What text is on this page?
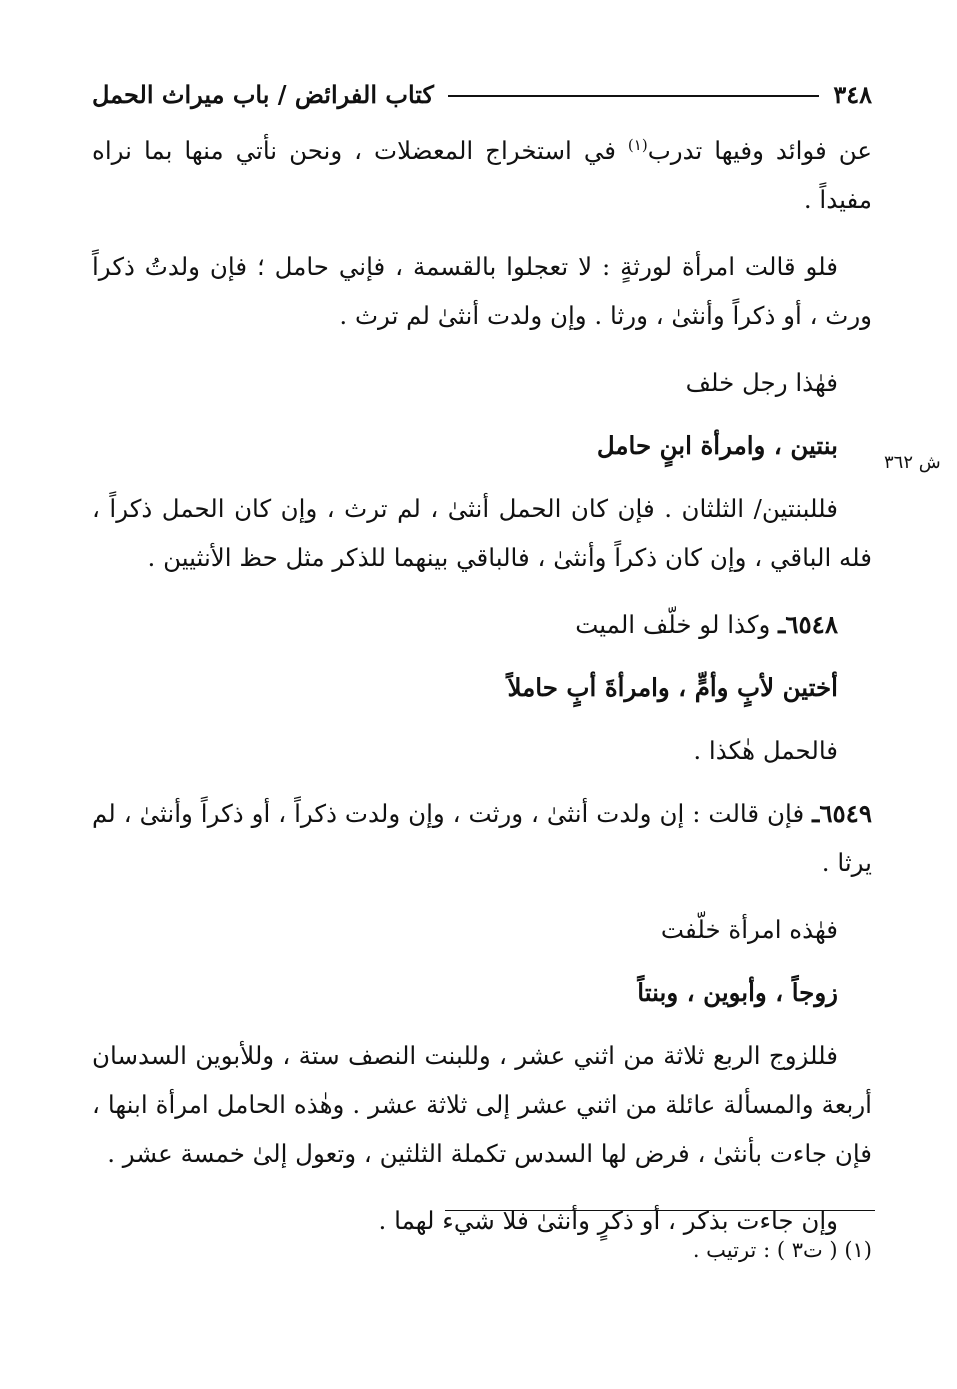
٣٤٨
كتاب الفرائض / باب ميراث الحمل
ش ٣٦٢

عن فوائد وفيها تدرب$^{(١)}$ في استخراج المعضلات ، ونحن نأتي منها بما نراه مفيداً .

فلو قالت امرأة لورثةٍ : لا تعجلوا بالقسمة ، فإني حامل ؛ فإن ولدتُ ذكراً ورث ، أو ذكراً وأنثىٰ ، ورثا . وإن ولدت أنثىٰ لم ترث .

فهٰذا رجل خلف

بنتين ، وامرأة ابنٍ حامل

فللبنتين/ الثلثان . فإن كان الحمل أنثىٰ ، لم ترث ، وإن كان الحمل ذكراً ، فله الباقي ، وإن كان ذكراً وأنثىٰ ، فالباقي بينهما للذكر مثل حظ الأنثيين .

٦٥٤٨ـ وكذا لو خلّف الميت

أختين لأبٍ وأمٍّ ، وامرأةَ أبٍ حاملاً

فالحمل هٰكذا .

٦٥٤٩ـ فإن قالت : إن ولدت أنثىٰ ، ورثت ، وإن ولدت ذكراً ، أو ذكراً وأنثىٰ ، لم يرثا .

فهٰذه امرأة خلّفت

زوجاً ، وأبوين ، وبنتاً

فللزوج الربع ثلاثة من اثني عشر ، وللبنت النصف ستة ، وللأبوين السدسان أربعة والمسألة عائلة من اثني عشر إلى ثلاثة عشر . وهٰذه الحامل امرأة ابنها ، فإن جاءت بأنثىٰ ، فرض لها السدس تكملة الثلثين ، وتعول إلىٰ خمسة عشر .

وإن جاءت بذكر ، أو ذكرٍ وأنثىٰ فلا شيء لهما .

(١) ( ت٣ ) : ترتيب .
